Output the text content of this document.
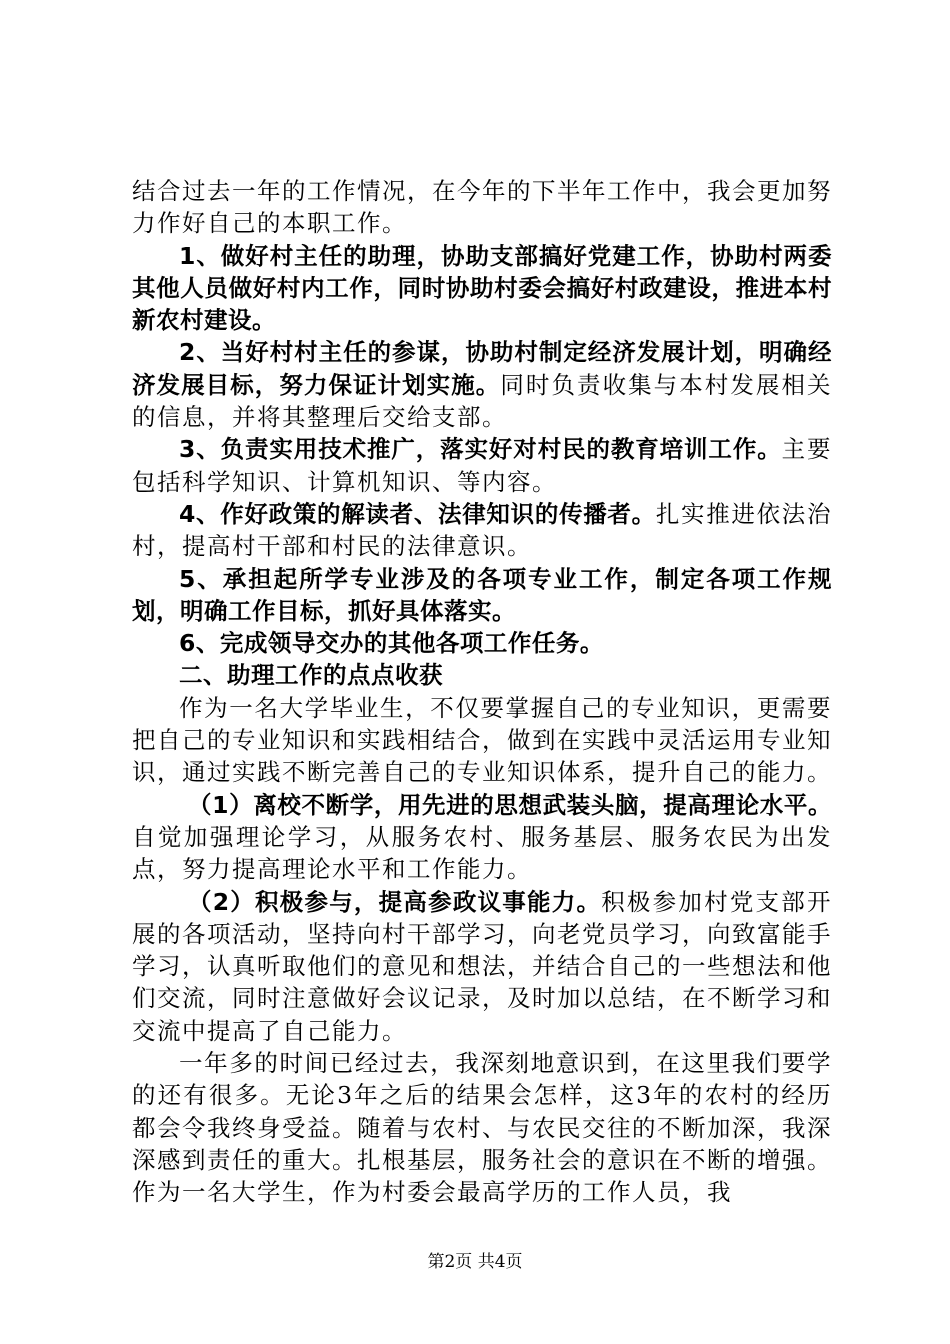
结合过去一年的工作情况，在今年的下半年工作中，我会更加努力作好自己的本职工作。

1、做好村主任的助理，协助支部搞好党建工作，协助村两委其他人员做好村内工作，同时协助村委会搞好村政建设，推进本村新农村建设。

2、当好村村主任的参谋，协助村制定经济发展计划，明确经济发展目标，努力保证计划实施。同时负责收集与本村发展相关的信息，并将其整理后交给支部。

3、负责实用技术推广，落实好对村民的教育培训工作。主要包括科学知识、计算机知识、等内容。

4、作好政策的解读者、法律知识的传播者。扎实推进依法治村，提高村干部和村民的法律意识。

5、承担起所学专业涉及的各项专业工作，制定各项工作规划，明确工作目标，抓好具体落实。

6、完成领导交办的其他各项工作任务。

二、助理工作的点点收获

作为一名大学毕业生，不仅要掌握自己的专业知识，更需要把自己的专业知识和实践相结合，做到在实践中灵活运用专业知识，通过实践不断完善自己的专业知识体系，提升自己的能力。

（1）离校不断学，用先进的思想武装头脑，提高理论水平。自觉加强理论学习，从服务农村、服务基层、服务农民为出发点，努力提高理论水平和工作能力。

（2）积极参与，提高参政议事能力。积极参加村党支部开展的各项活动，坚持向村干部学习，向老党员学习，向致富能手学习，认真听取他们的意见和想法，并结合自己的一些想法和他们交流，同时注意做好会议记录，及时加以总结，在不断学习和交流中提高了自己能力。

一年多的时间已经过去，我深刻地意识到，在这里我们要学的还有很多。无论3年之后的结果会怎样，这3年的农村的经历都会令我终身受益。随着与农村、与农民交往的不断加深，我深深感到责任的重大。扎根基层，服务社会的意识在不断的增强。作为一名大学生，作为村委会最高学历的工作人员，我

第2页 共4页
